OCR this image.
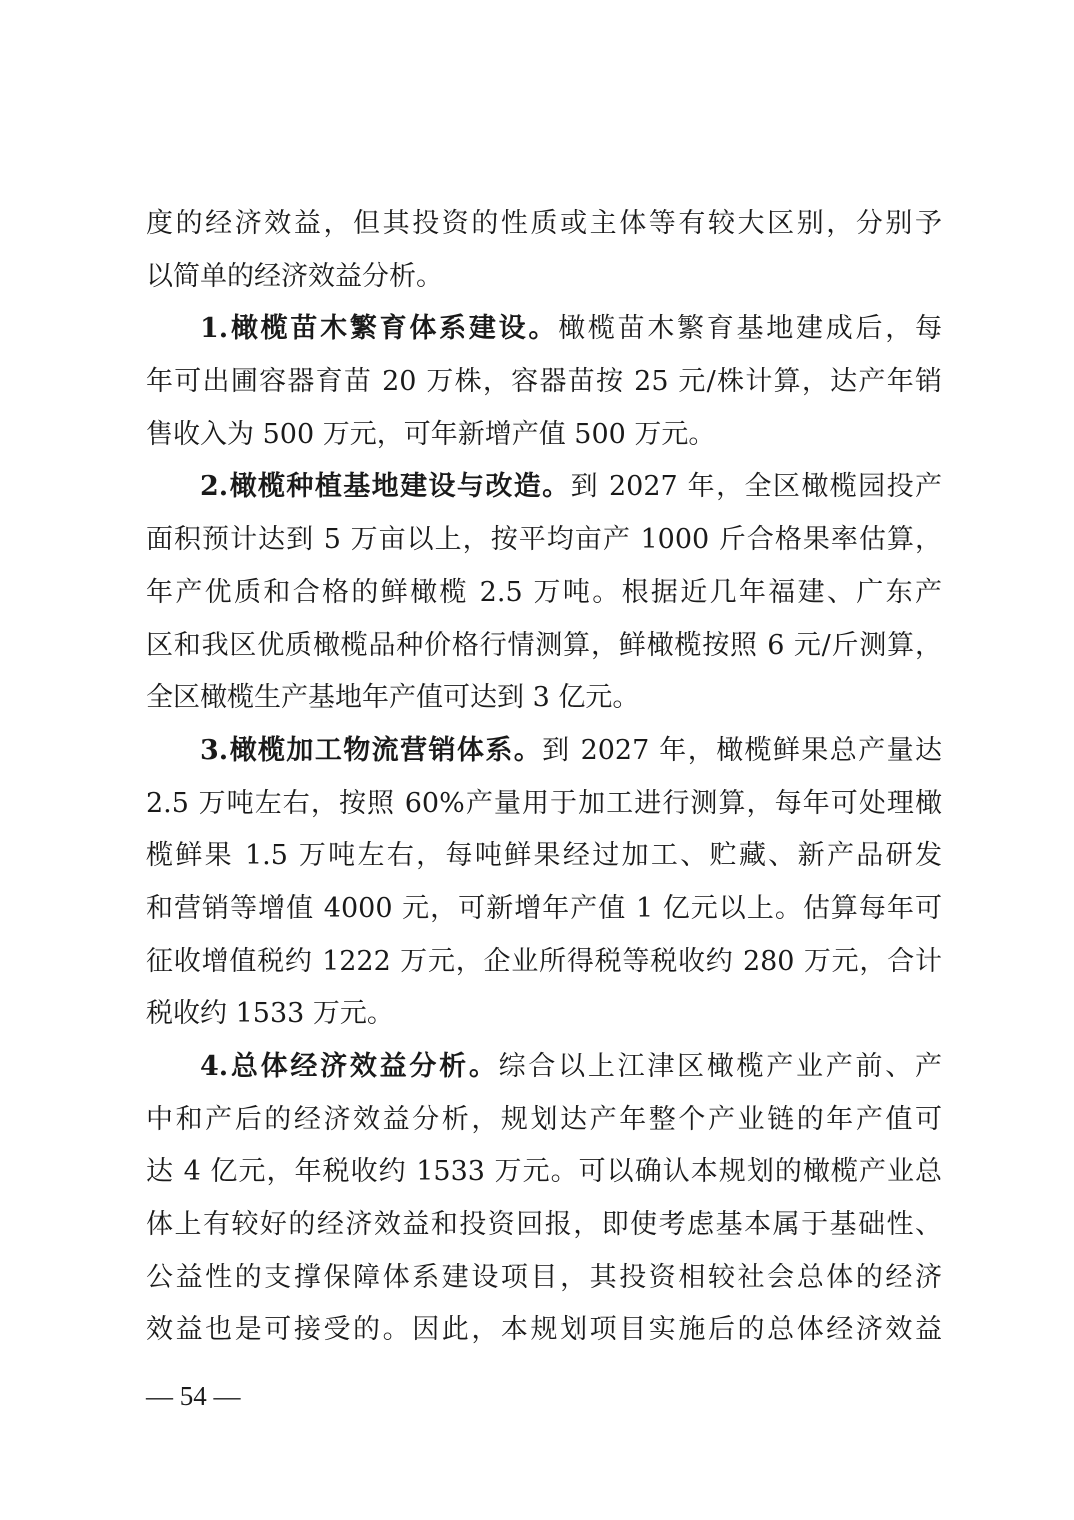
度的经济效益，但其投资的性质或主体等有较大区别，分别予
以简单的经济效益分析。
1.橄榄苗木繁育体系建设。橄榄苗木繁育基地建成后，每
年可出圃容器育苗 20 万株，容器苗按 25 元/株计算，达产年销
售收入为 500 万元，可年新增产值 500 万元。
2.橄榄种植基地建设与改造。到 2027 年，全区橄榄园投产
面积预计达到 5 万亩以上，按平均亩产 1000 斤合格果率估算，
年产优质和合格的鲜橄榄 2.5 万吨。根据近几年福建、广东产
区和我区优质橄榄品种价格行情测算，鲜橄榄按照 6 元/斤测算，
全区橄榄生产基地年产值可达到 3 亿元。
3.橄榄加工物流营销体系。到 2027 年，橄榄鲜果总产量达
2.5 万吨左右，按照 60%产量用于加工进行测算，每年可处理橄
榄鲜果 1.5 万吨左右，每吨鲜果经过加工、贮藏、新产品研发
和营销等增值 4000 元，可新增年产值 1 亿元以上。估算每年可
征收增值税约 1222 万元，企业所得税等税收约 280 万元，合计
税收约 1533 万元。
4.总体经济效益分析。综合以上江津区橄榄产业产前、产
中和产后的经济效益分析，规划达产年整个产业链的年产值可
达 4 亿元，年税收约 1533 万元。可以确认本规划的橄榄产业总
体上有较好的经济效益和投资回报，即使考虑基本属于基础性、
公益性的支撑保障体系建设项目，其投资相较社会总体的经济
效益也是可接受的。因此，本规划项目实施后的总体经济效益
— 54 —
